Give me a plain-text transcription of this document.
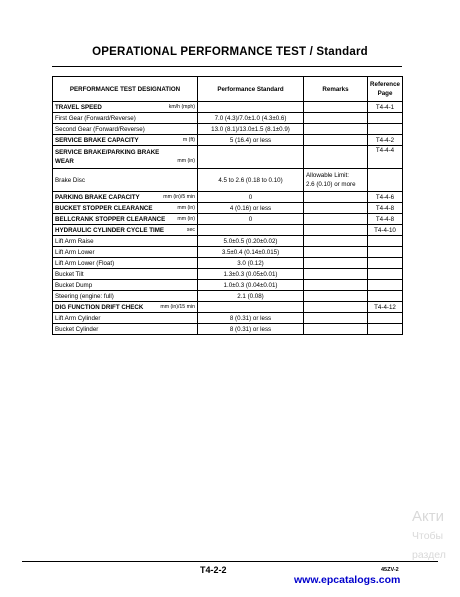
OPERATIONAL PERFORMANCE TEST / Standard
PERFORMANCE TEST DESIGNATION	Performance Standard	Remarks	Reference
Page

TRAVEL SPEED km/h (mph)			T4-4-1
First Gear (Forward/Reverse)	7.0 (4.3)/7.0±1.0 (4.3±0.6)		
Second Gear (Forward/Reverse)	13.0 (8.1)/13.0±1.5 (8.1±0.9)		
SERVICE BRAKE CAPACITY m (ft)	5 (16.4) or less		T4-4-2

SERVICE BRAKE/PARKING BRAKE
WEAR mm (in)			T4-4-4
Brake Disc	4.5 to 2.6 (0.18 to 0.10)	Allowable Limit:
2.6 (0.10) or more	

PARKING BRAKE CAPACITY mm (in)/5 min	0		T4-4-6
BUCKET STOPPER CLEARANCE mm (in)	4 (0.16) or less		T4-4-8
BELLCRANK STOPPER CLEARANCE mm (in)	0		T4-4-8
HYDRAULIC CYLINDER CYCLE TIME sec			T4-4-10
Lift Arm Raise	5.0±0.5 (0.20±0.02)		
Lift Arm Lower	3.5±0.4 (0.14±0.015)		
Lift Arm Lower (Float)	3.0 (0.12)		
Bucket Tilt	1.3±0.3 (0.05±0.01)		
Bucket Dump	1.0±0.3 (0.04±0.01)		
Steering (engine: full)	2.1 (0.08)		
DIG FUNCTION DRIFT CHECK mm (in)/15 min			T4-4-12
Lift Arm Cylinder	8 (0.31) or less		
Bucket Cylinder	8 (0.31) or less		
Акти
Чтобы
раздел
T4-2-2	45ZV-2
www.epcatalogs.com
